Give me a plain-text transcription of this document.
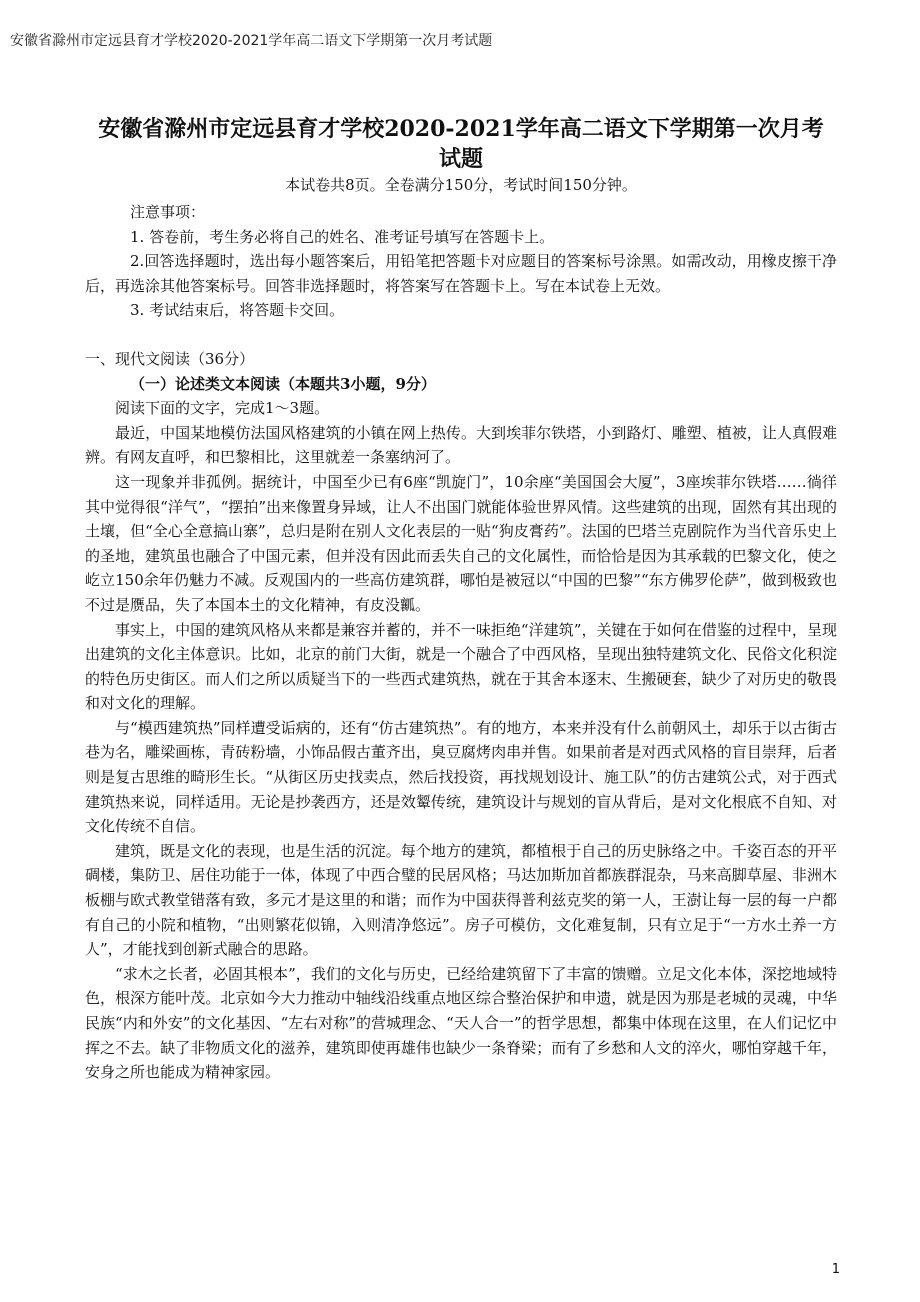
安徽省滁州市定远县育才学校2020-2021学年高二语文下学期第一次月考试题
安徽省滁州市定远县育才学校2020-2021学年高二语文下学期第一次月考
试题
本试卷共8页。全卷满分150分，考试时间150分钟。

注意事项：

1. 答卷前，考生务必将自己的姓名、准考证号填写在答题卡上。

2.回答选择题时，选出每小题答案后，用铅笔把答题卡对应题目的答案标号涂黑。如需改动，用橡皮擦干净后，再选涂其他答案标号。回答非选择题时，将答案写在答题卡上。写在本试卷上无效。

3. 考试结束后，将答题卡交回。

一、现代文阅读（36分）

（一）论述类文本阅读（本题共3小题，9分）

阅读下面的文字，完成1～3题。

最近，中国某地模仿法国风格建筑的小镇在网上热传。大到埃菲尔铁塔，小到路灯、雕塑、植被，让人真假难辨。有网友直呼，和巴黎相比，这里就差一条塞纳河了。

这一现象并非孤例。据统计，中国至少已有6座“凯旋门”，10余座“美国国会大厦”，3座埃菲尔铁塔……徜徉其中觉得很“洋气”，“摆拍”出来像置身异域，让人不出国门就能体验世界风情。这些建筑的出现，固然有其出现的土壤，但“全心全意搞山寨”，总归是附在别人文化表层的一贴“狗皮膏药”。法国的巴塔兰克剧院作为当代音乐史上的圣地，建筑虽也融合了中国元素，但并没有因此而丢失自己的文化属性，而恰恰是因为其承载的巴黎文化，使之屹立150余年仍魅力不减。反观国内的一些高仿建筑群，哪怕是被冠以“中国的巴黎”“东方佛罗伦萨”，做到极致也不过是赝品，失了本国本土的文化精神，有皮没瓤。

事实上，中国的建筑风格从来都是兼容并蓄的，并不一味拒绝“洋建筑”，关键在于如何在借鉴的过程中，呈现出建筑的文化主体意识。比如，北京的前门大街，就是一个融合了中西风格，呈现出独特建筑文化、民俗文化积淀的特色历史街区。而人们之所以质疑当下的一些西式建筑热，就在于其舍本逐末、生搬硬套，缺少了对历史的敬畏和对文化的理解。

与“模西建筑热”同样遭受诟病的，还有“仿古建筑热”。有的地方，本来并没有什么前朝风土，却乐于以古街古巷为名，雕梁画栋，青砖粉墙，小饰品假古董齐出，臭豆腐烤肉串并售。如果前者是对西式风格的盲目崇拜，后者则是复古思维的畸形生长。“从街区历史找卖点，然后找投资，再找规划设计、施工队”的仿古建筑公式，对于西式建筑热来说，同样适用。无论是抄袭西方，还是效颦传统，建筑设计与规划的盲从背后，是对文化根底不自知、对文化传统不自信。

建筑，既是文化的表现，也是生活的沉淀。每个地方的建筑，都植根于自己的历史脉络之中。千姿百态的开平碉楼，集防卫、居住功能于一体，体现了中西合璧的民居风格；马达加斯加首都族群混杂，马来高脚草屋、非洲木板棚与欧式教堂错落有致，多元才是这里的和谐；而作为中国获得普利兹克奖的第一人，王澍让每一层的每一户都有自己的小院和植物，“出则繁花似锦，入则清净悠远”。房子可模仿，文化难复制，只有立足于“一方水土养一方人”，才能找到创新式融合的思路。

“求木之长者，必固其根本”，我们的文化与历史，已经给建筑留下了丰富的馈赠。立足文化本体，深挖地域特色，根深方能叶茂。北京如今大力推动中轴线沿线重点地区综合整治保护和申遗，就是因为那是老城的灵魂，中华民族“内和外安”的文化基因、“左右对称”的营城理念、“天人合一”的哲学思想，都集中体现在这里，在人们记忆中挥之不去。缺了非物质文化的滋养，建筑即使再雄伟也缺少一条脊梁；而有了乡愁和人文的淬火，哪怕穿越千年，安身之所也能成为精神家园。

1
